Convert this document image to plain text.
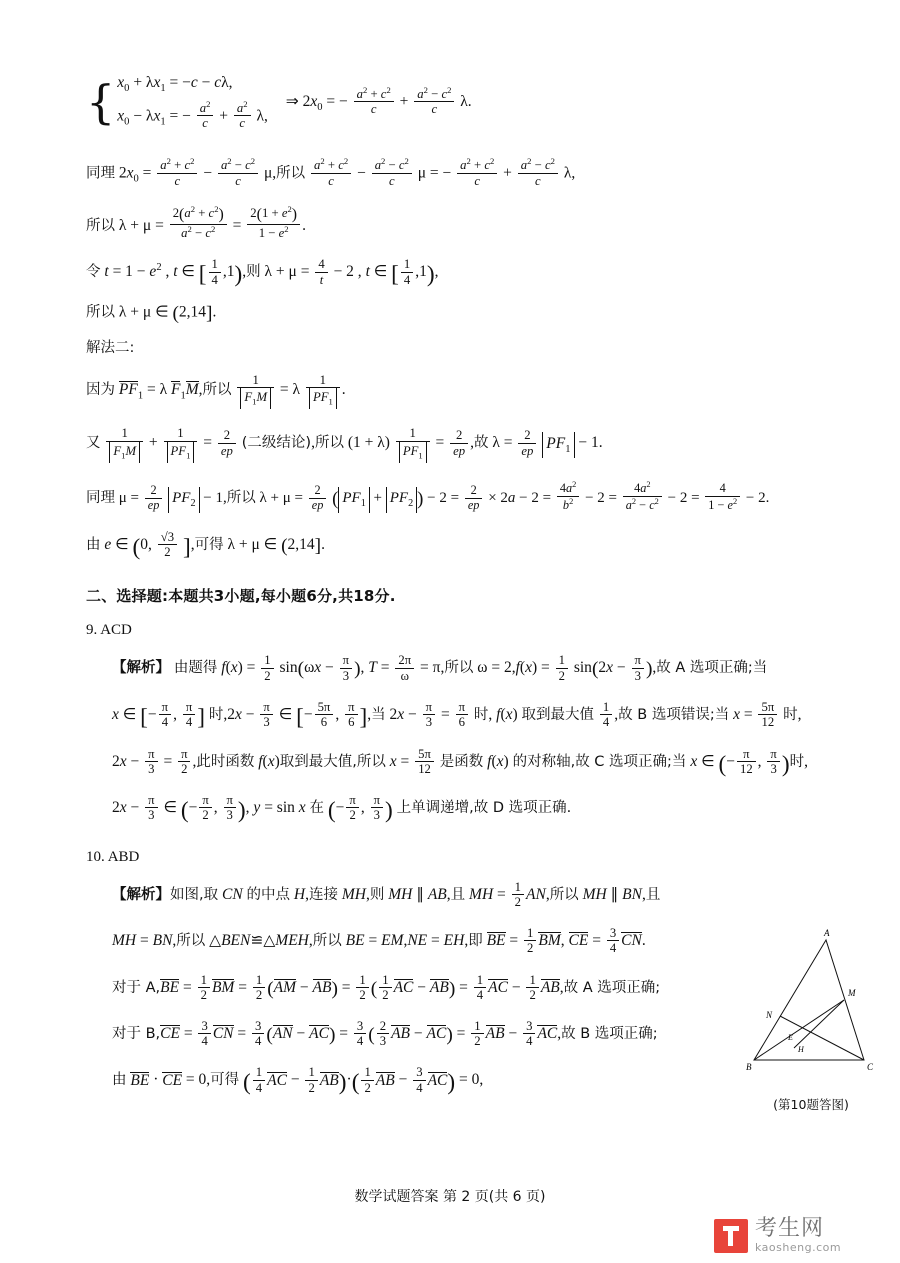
{ $x_0 + \lambda x_1 = -c - c\lambda$,
$x_0 - \lambda x_1$ = − $\frac{a^2}{c} + \frac{a^2}{c} \lambda$,
⇒ $2x_0$ = − $\frac{a^2 + c^2}{c} + \frac{a^2 - c^2}{c} \lambda$.
同理 $2x_0 = \frac{a^2 + c^2}{c} - \frac{a^2 - c^2}{c} \mu$,所以 $\frac{a^2 + c^2}{c} - \frac{a^2 - c^2}{c}$ μ = − $\frac{a^2 + c^2}{c} + \frac{a^2 - c^2}{c} \lambda$,
所以 $\lambda + \mu = \frac{2(a^2 + c^2)}{a^2 - c^2} = \frac{2(1 + e^2)}{1 - e^2}$ .
令 $t = 1 - e^2$ , t ∈ [ $\frac{1}{4} ,1$),则 $\lambda + \mu = \frac{4}{t} - 2$ , t ∈ [ $\frac{1}{4} ,1$),
所以 λ + μ ∈ (2,14].
解法二:
因为 $PF_1 = \lambda$ $F_1M$,所以 $\frac{1}{F_1M} = \lambda \frac{1}{PF_1}$ .
又 $\frac{1}{F_1M} + \frac{1}{PF_1} = \frac{2}{ep}$ (二级结论),所以 $(1 + \lambda) \frac{1}{PF_1} = \frac{2}{ep}$ ,故 $\lambda = \frac{2}{ep} PF_1 - 1$.
同理 $\mu = \frac{2}{ep} PF_2 - 1$,所以 $\lambda + \mu = \frac{2}{ep}$ ( $PF_1 + PF_2$ ) − $2 = \frac{2}{ep} \times 2a - 2 = \frac{4a^2}{b^2} - 2 = \frac{4a^2}{a^2 - c^2} - 2 = \frac{4}{1 - e^2} - 2$.
由 e ∈ (0, $\frac{√3}{2}$ ],可得 λ + μ ∈ (2,14].
二、选择题:本题共3小题,每小题6分,共18分.
9. ACD
【解析】 由题得 $f(x) = \frac{1}{2} \sin(\omega x - \frac{\pi}{3}$ ), $T = \frac{2\pi}{\omega} = \pi$,所以 $\omega = 2,f(x) = \frac{1}{2} \sin(2x - \frac{\pi}{3}$ ),故 A 选项正确;当
x ∈ [− $\frac{\pi}{4}$ , $\frac{\pi}{4}$ ] 时$,2x - \frac{\pi}{3}$ ∈ [− $\frac{5\pi}{6}$ , $\frac{\pi}{6}$ ],当 $2x - \frac{\pi}{3} = \frac{\pi}{6}$ 时, f(x) 取到最大值 $\frac{1}{4}$ ,故 B 选项错误;当 $x = \frac{5\pi}{12}$ 时,
$2x - \frac{\pi}{3} = \frac{\pi}{2}$ ,此时函数 f(x)取到最大值,所以 $x = \frac{5\pi}{12}$ 是函数 f(x) 的对称轴,故 C 选项正确;当 x ∈ (− $\frac{\pi}{12}$ , $\frac{\pi}{3}$ )时,
$2x - \frac{\pi}{3}$ ∈ (− $\frac{\pi}{2}$ , $\frac{\pi}{3}$ ), y = sin x 在 (− $\frac{\pi}{2}$ , $\frac{\pi}{3}$ ) 上单调递增,故 D 选项正确.
10. ABD
【解析】如图,取 CN 的中点 H,连接 MH,则 MH ∥ AB,且 MH = $\frac{1}{2}$ AN,所以 MH ∥ BN,且
MH = BN,所以 △BEN≌△MEH,所以 BE = EM,NE = EH,即 BE = $\frac{1}{2}$ BM, CE = $\frac{3}{4}$ CN.
对于 $A,BE = \frac{1}{2}$ BM = $\frac{1}{2} (AM - AB) = \frac{1}{2}$ ( $\frac{1}{2}$ AC − $AB) = \frac{1}{4}$ AC − $\frac{1}{2}$ AB,故 A 选项正确;
对于 $B,CE = \frac{3}{4}$ CN = $\frac{3}{4} (AN - AC) = \frac{3}{4}$ ( $\frac{2}{3}$ AB − $AC) = \frac{1}{2}$ AB − $\frac{3}{4}$ AC,故 B 选项正确;
由 BE · CE = 0,可得 ( $\frac{1}{4}$ AC − $\frac{1}{2} AB)\cdot( \frac{1}{2}$ AB − $\frac{3}{4} AC) = 0$,
A
M
N
E
H
B	C
(第10题答图)
数学试题答案 第 2 页(共 6 页)
考生网
kaosheng.com
